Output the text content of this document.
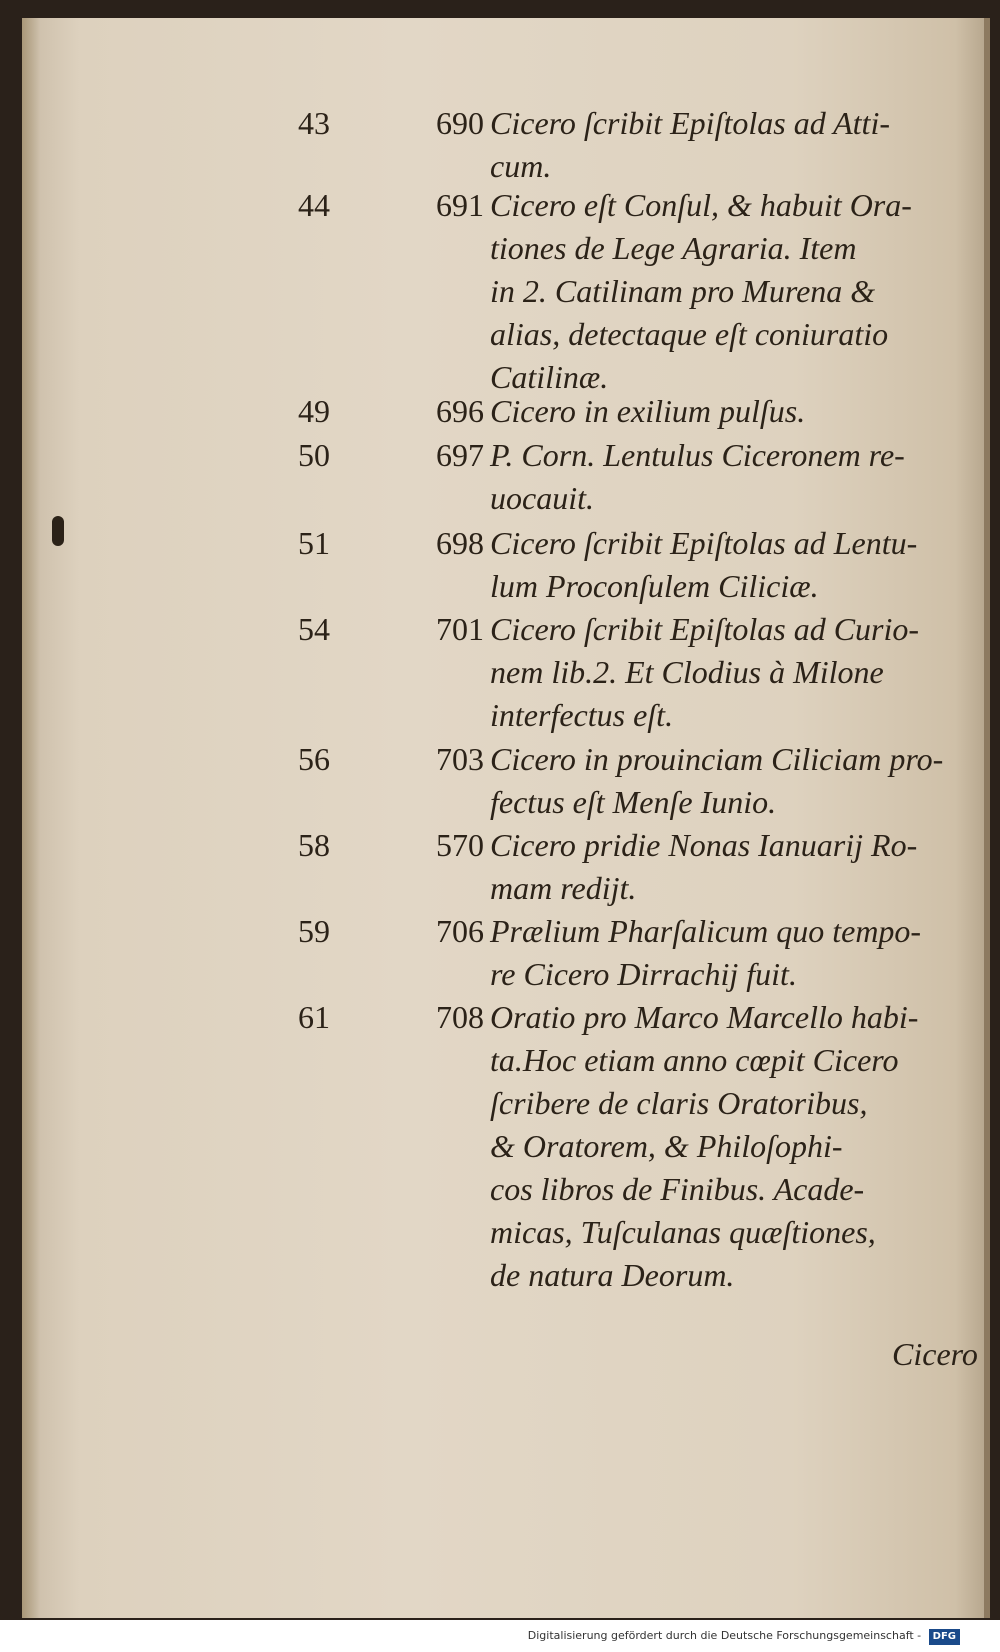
43	690 Cicero ſcribit Epiſtolas ad Atti-
cum.
44	691 Cicero eſt Conſul, & habuit Ora-
tiones de Lege Agraria. Item
in 2. Catilinam pro Murena &
alias, detectaque eſt coniuratio
Catilinæ.
49	696 Cicero in exilium pulſus.
50	697 P. Corn. Lentulus Ciceronem re-
uocauit.
51	698 Cicero ſcribit Epiſtolas ad Lentu-
lum Proconſulem Ciliciæ.
54	701 Cicero ſcribit Epiſtolas ad Curio-
nem lib.2. Et Clodius à Milone
interfectus eſt.
56	703 Cicero in prouinciam Ciliciam pro-
fectus eſt Menſe Iunio.
58	570 Cicero pridie Nonas Ianuarij Ro-
mam rediјt.
59	706 Prælium Pharſalicum quo tempo-
re Cicero Dirrachij fuit.
61	708 Oratio pro Marco Marcello habi-
ta.Hoc etiam anno cœpit Cicero
ſcribere de claris Oratoribus,
& Oratorem, & Philoſophi-
cos libros de Finibus. Acade-
micas, Tuſculanas quæſtiones,
de natura Deorum.
Cicero
Digitalisierung gefördert durch die Deutsche Forschungsgemeinschaft - DFG
